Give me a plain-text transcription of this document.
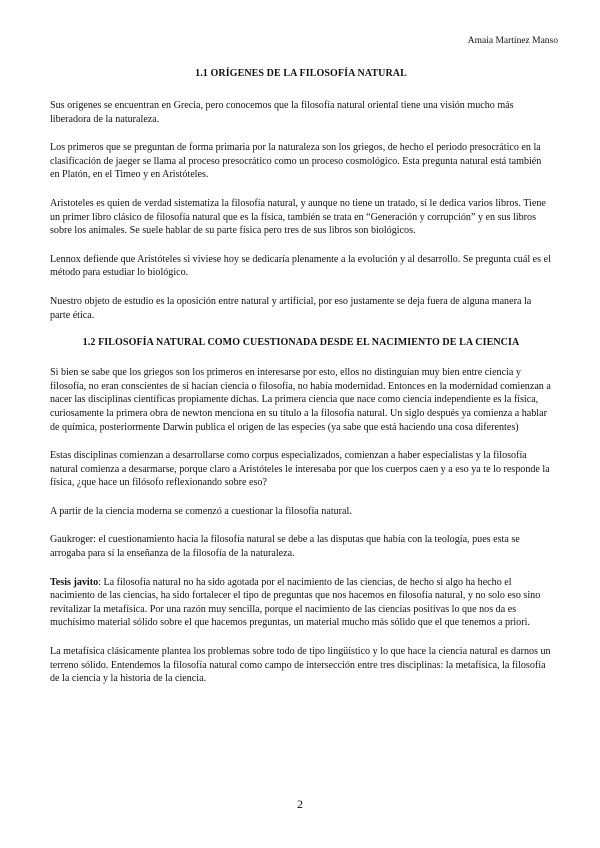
Amaia Martínez Manso
1.1 ORÍGENES DE LA FILOSOFÍA NATURAL

Sus orígenes se encuentran en Grecia, pero conocemos que la filosofía natural oriental tiene una visión mucho más liberadora de la naturaleza.

Los primeros que se preguntan de forma primaria por la naturaleza son los griegos, de hecho el periodo presocrático en la clasificación de jaeger se llama al proceso presocrático como un proceso cosmológico. Esta pregunta natural está también en Platón, en el Timeo y en Aristóteles.

Aristoteles es quien de verdad sistematiza la filosofía natural, y aunque no tiene un tratado, sí le dedica varios libros. Tiene un primer libro clásico de filosofía natural que es la física, también se trata en “Generación y corrupción” y en sus libros sobre los animales. Se suele hablar de su parte física pero tres de sus libros son biológicos.

Lennox defiende que Aristóteles si viviese hoy se dedicaría plenamente a la evolución y al desarrollo. Se pregunta cuál es el método para estudiar lo biológico.

Nuestro objeto de estudio es la oposición entre natural y artificial, por eso justamente se deja fuera de alguna manera la parte ética.

1.2 FILOSOFÍA NATURAL COMO CUESTIONADA DESDE EL NACIMIENTO DE LA CIENCIA

Si bien se sabe que los griegos son los primeros en interesarse por esto, ellos no distinguían muy bien entre ciencia y filosofía, no eran conscientes de si hacían ciencia o filosofía, no había modernidad. Entonces en la modernidad comienzan a nacer las disciplinas científicas propiamente dichas. La primera ciencia que nace como ciencia independiente es la física, curiosamente la primera obra de newton menciona en su título a la filosofía natural. Un siglo después ya comienza a hablar de química, posteriormente Darwin publica el origen de las especies (ya sabe que está haciendo una cosa diferentes)

Estas disciplinas comienzan a desarrollarse como corpus especializados, comienzan a haber especialistas y la filosofía natural comienza a desarmarse, porque claro a Aristóteles le interesaba por que los cuerpos caen y a eso ya te lo responde la física, ¿que hace un filósofo reflexionando sobre eso?

A partir de la ciencia moderna se comenzó a cuestionar la filosofía natural.

Gaukroger: el cuestionamiento hacia la filosofía natural se debe a las disputas que había con la teología, pues esta se arrogaba para sí la enseñanza de la filosofía de la naturaleza.

Tesis javito: La filosofía natural no ha sido agotada por el nacimiento de las ciencias, de hecho si algo ha hecho el nacimiento de las ciencias, ha sido fortalecer el tipo de preguntas que nos hacemos en filosofía natural, y no solo eso sino revitalizar la metafísica. Por una razón muy sencilla, porque el nacimiento de las ciencias positivas lo que nos da es muchísimo material sólido sobre el que hacemos preguntas, un material mucho más sólido que el que tenemos a priori.

La metafísica clásicamente plantea los problemas sobre todo de tipo lingüístico y lo que hace la ciencia natural es darnos un terreno sólido. Entendemos la filosofía natural como campo de intersección entre tres disciplinas: la metafísica, la filosofía de la ciencia y la historia de la ciencia.

2
